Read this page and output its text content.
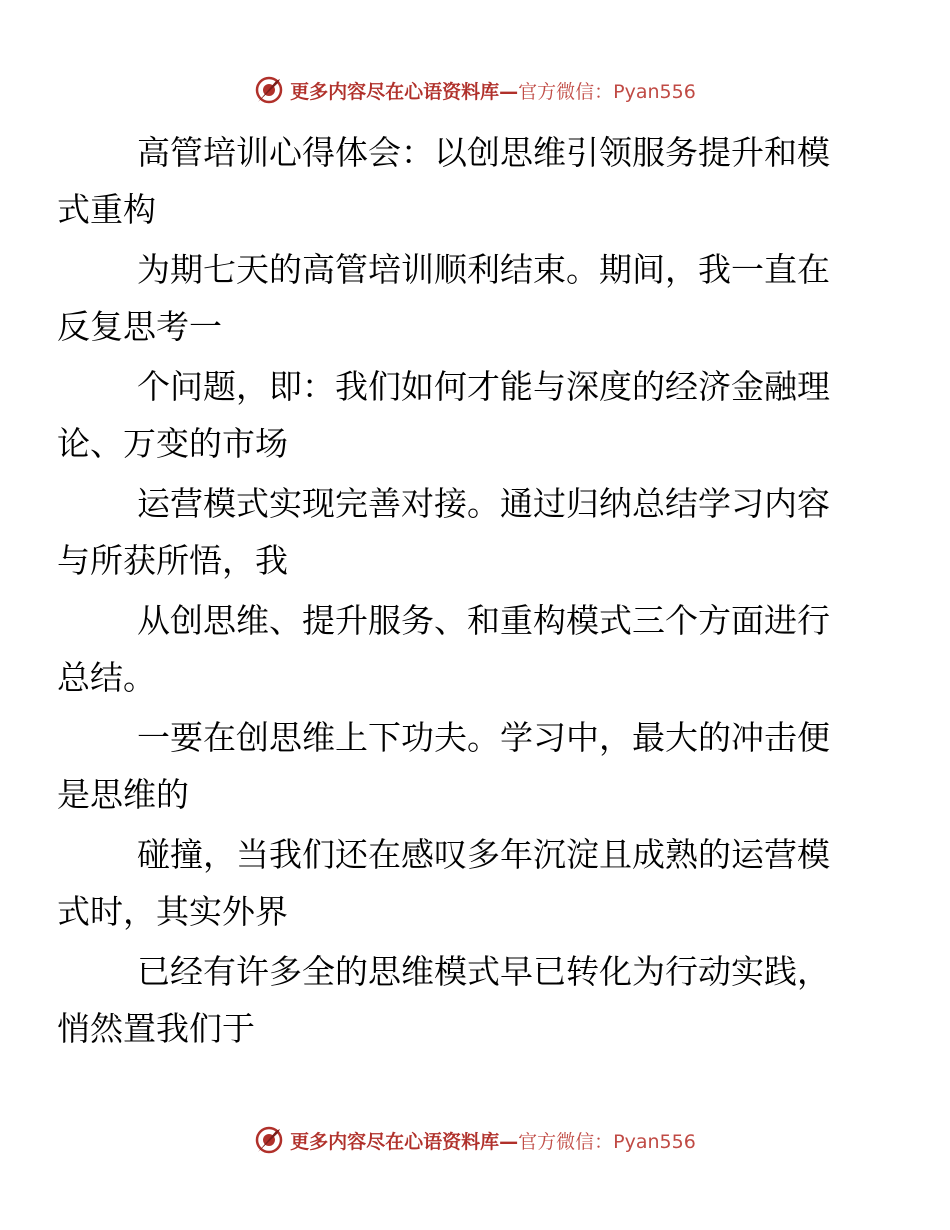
更多内容尽在心语资料库—官方微信：Pyan556

高管培训心得体会：以创思维引领服务提升和模
式重构

为期七天的高管培训顺利结束。期间，我一直在
反复思考一

个问题，即：我们如何才能与深度的经济金融理
论、万变的市场

运营模式实现完善对接。通过归纳总结学习内容
与所获所悟，我

从创思维、提升服务、和重构模式三个方面进行
总结。

一要在创思维上下功夫。学习中，最大的冲击便
是思维的

碰撞，当我们还在感叹多年沉淀且成熟的运营模
式时，其实外界

已经有许多全的思维模式早已转化为行动实践，
悄然置我们于

更多内容尽在心语资料库—官方微信：Pyan556
